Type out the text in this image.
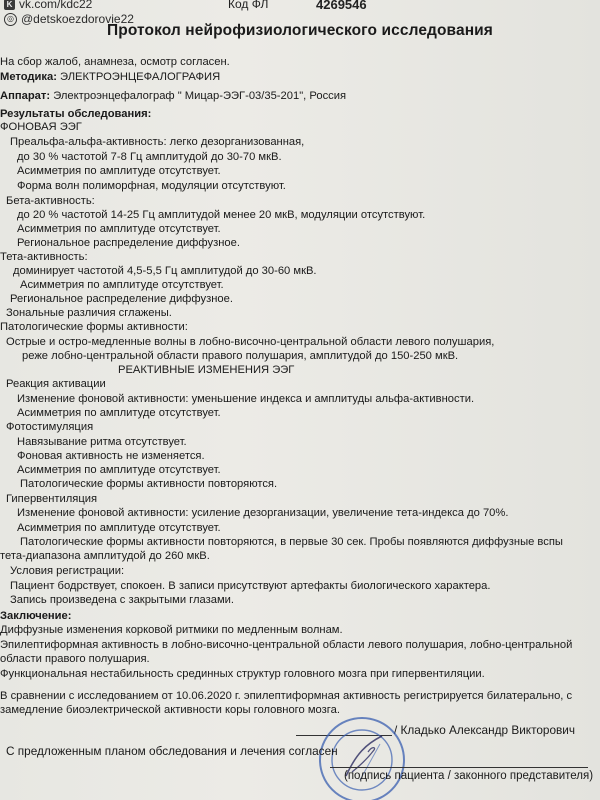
K vk.com/kdc22	Код ФЛ	4269546
◎ @detskoezdorovie22
Протокол нейрофизиологического исследования
На сбор жалоб, анамнеза, осмотр согласен.
Методика: ЭЛЕКТРОЭНЦЕФАЛОГРАФИЯ
Аппарат: Электроэнцефалограф " Мицар-ЭЭГ-03/35-201", Россия
Результаты обследования:
ФОНОВАЯ ЭЭГ
Преальфа-альфа-активность: легко дезорганизованная,
до 30 % частотой 7-8 Гц амплитудой до 30-70 мкВ.
Асимметрия по амплитуде отсутствует.
Форма волн полиморфная, модуляции отсутствуют.
Бета-активность:
до 20 % частотой 14-25 Гц амплитудой менее 20 мкВ, модуляции отсутствуют.
Асимметрия по амплитуде отсутствует.
Региональное распределение диффузное.
Тета-активность:
доминирует частотой 4,5-5,5 Гц амплитудой до 30-60 мкВ.
Асимметрия по амплитуде отсутствует.
Региональное распределение диффузное.
Зональные различия сглажены.
Патологические формы активности:
Острые и остро-медленные волны в лобно-височно-центральной области левого полушария,
реже лобно-центральной области правого полушария, амплитудой до 150-250 мкВ.
РЕАКТИВНЫЕ ИЗМЕНЕНИЯ ЭЭГ
Реакция активации
Изменение фоновой активности: уменьшение индекса и амплитуды альфа-активности.
Асимметрия по амплитуде отсутствует.
Фотостимуляция
Навязывание ритма отсутствует.
Фоновая активность не изменяется.
Асимметрия по амплитуде отсутствует.
Патологические формы активности повторяются.
Гипервентиляция
Изменение фоновой активности: усиление дезорганизации, увеличение тета-индекса до 70%.
Асимметрия по амплитуде отсутствует.
Патологические формы активности повторяются, в первые 30 сек. Пробы появляются диффузные вспы
тета-диапазона амплитудой до 260 мкВ.
Условия регистрации:
Пациент бодрствует, спокоен. В записи присутствуют артефакты биологического характера.
Запись произведена с закрытыми глазами.
Заключение:
Диффузные изменения корковой ритмики по медленным волнам.
Эпилептиформная активность в лобно-височно-центральной области левого полушария, лобно-центральной
области правого полушария.
Функциональная нестабильность срединных структур головного мозга при гипервентиляции.
В сравнении с исследованием от 10.06.2020 г. эпилептиформная активность регистрируется билатерально, с
замедление биоэлектрической активности коры головного мозга.
/ Кладько Александр Викторович
С предложенным планом обследования и лечения согласен
(подпись пациента / законного представителя)
